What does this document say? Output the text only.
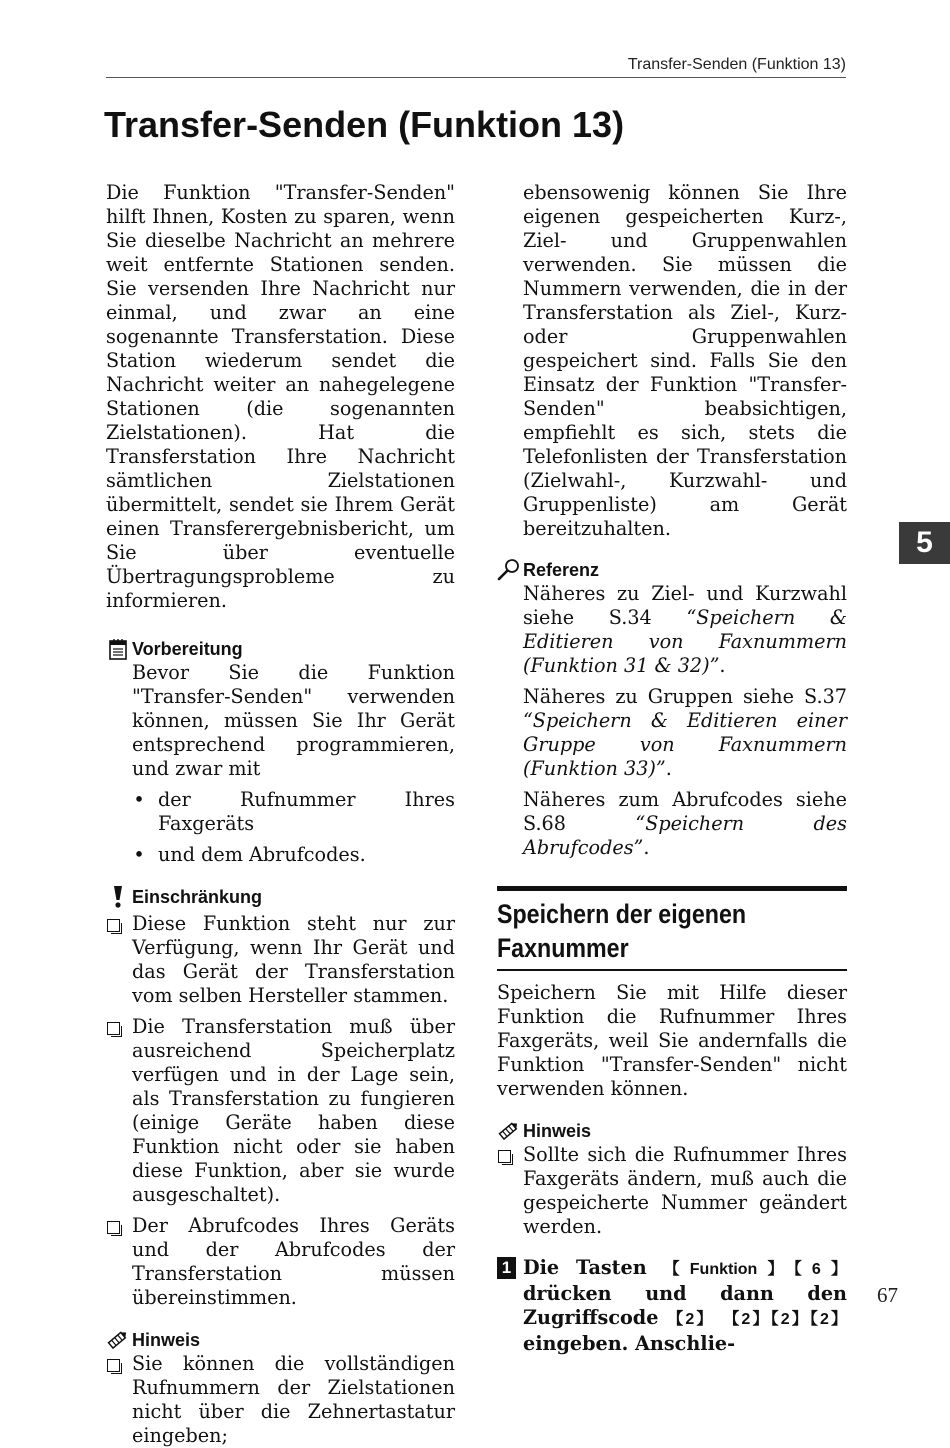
Transfer-Senden (Funktion 13)
Transfer-Senden (Funktion 13)
5
67

Die Funktion "Transfer-Senden" hilft Ihnen, Kosten zu sparen, wenn Sie dieselbe Nachricht an mehrere weit entfernte Stationen senden. Sie versenden Ihre Nachricht nur einmal, und zwar an eine sogenannte Transferstation. Diese Station wiederum sendet die Nachricht weiter an nahegelegene Stationen (die sogenannten Zielstationen). Hat die Transferstation Ihre Nachricht sämtlichen Zielstationen übermittelt, sendet sie Ihrem Gerät einen Transferergebnisbericht, um Sie über eventuelle Übertragungsprobleme zu informieren.

Vorbereitung

Bevor Sie die Funktion "Transfer-Senden" verwenden können, müssen Sie Ihr Gerät entsprechend programmieren, und zwar mit

• der Rufnummer Ihres Faxgeräts

• und dem Abrufcodes.

Einschränkung

Diese Funktion steht nur zur Verfügung, wenn Ihr Gerät und das Gerät der Transferstation vom selben Hersteller stammen.

Die Transferstation muß über ausreichend Speicherplatz verfügen und in der Lage sein, als Transferstation zu fungieren (einige Geräte haben diese Funktion nicht oder sie haben diese Funktion, aber sie wurde ausgeschaltet).

Der Abrufcodes Ihres Geräts und der Abrufcodes der Transferstation müssen übereinstimmen.

Hinweis

Sie können die vollständigen Rufnummern der Zielstationen nicht über die Zehnertastatur eingeben;

ebensowenig können Sie Ihre eigenen gespeicherten Kurz-, Ziel- und Gruppenwahlen verwenden. Sie müssen die Nummern verwenden, die in der Transferstation als Ziel-, Kurz- oder Gruppenwahlen gespeichert sind. Falls Sie den Einsatz der Funktion "Transfer-Senden" beabsichtigen, empfiehlt es sich, stets die Telefonlisten der Transferstation (Zielwahl-, Kurzwahl- und Gruppenliste) am Gerät bereitzuhalten.

Referenz

Näheres zu Ziel- und Kurzwahl siehe S.34 “Speichern & Editieren von Faxnummern (Funktion 31 & 32)”.

Näheres zu Gruppen siehe S.37 “Speichern & Editieren einer Gruppe von Faxnummern (Funktion 33)”.

Näheres zum Abrufcodes siehe S.68 “Speichern des Abrufcodes”.

Speichern der eigenen Faxnummer

Speichern Sie mit Hilfe dieser Funktion die Rufnummer Ihres Faxgeräts, weil Sie andernfalls die Funktion "Transfer-Senden" nicht verwenden können.

Hinweis

Sollte sich die Rufnummer Ihres Faxgeräts ändern, muß auch die gespeicherte Nummer geändert werden.

1 Die Tasten 【Funktion】【6】 drücken und dann den Zugriffscode 【2】 【2】【2】【2】 eingeben. Anschlie-
